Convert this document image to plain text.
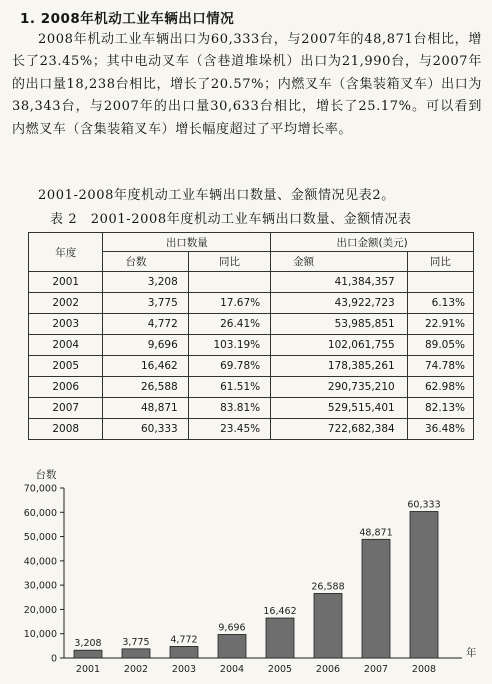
1. 2008年机动工业车辆出口情况

2008年机动工业车辆出口为60,333台，与2007年的48,871台相比，增长了23.45%；其中电动叉车（含巷道堆垛机）出口为21,990台，与2007年的出口量18,238台相比，增长了20.57%；内燃叉车（含集装箱叉车）出口为38,343台，与2007年的出口量30,633台相比，增长了25.17%。可以看到内燃叉车（含集装箱叉车）增长幅度超过了平均增长率。

2001-2008年度机动工业车辆出口数量、金额情况见表2。
表 2　2001-2008年度机动工业车辆出口数量、金额情况表
年度	出口数量		出口金额(美元)	
	台数	同比	金额	同比
2001	3,208		41,384,357	
2002	3,775	17.67%	43,922,723	6.13%
2003	4,772	26.41%	53,985,851	22.91%
2004	9,696	103.19%	102,061,755	89.05%
2005	16,462	69.78%	178,385,261	74.78%
2006	26,588	61.51%	290,735,210	62.98%
2007	48,871	83.81%	529,515,401	82.13%
2008	60,333	23.45%	722,682,384	36.48%
0
10,000
20,000
30,000
40,000
50,000
60,000
70,000
台数
年
3,208
2001
3,775
2002
4,772
2003
9,696
2004
16,462
2005
26,588
2006
48,871
2007
60,333
2008
